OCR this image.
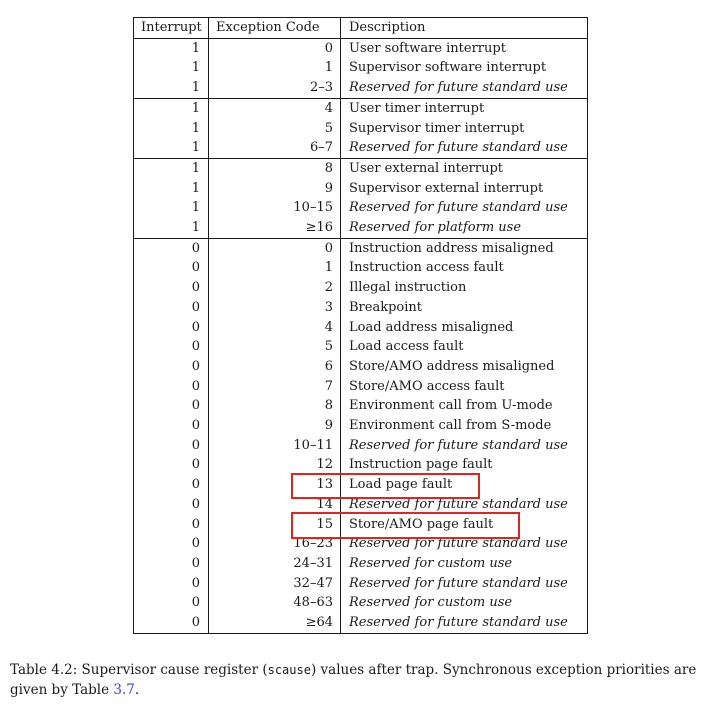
Interrupt	Exception Code	Description
1	0	User software interrupt
1	1	Supervisor software interrupt
1	2–3	Reserved for future standard use
1	4	User timer interrupt
1	5	Supervisor timer interrupt
1	6–7	Reserved for future standard use
1	8	User external interrupt
1	9	Supervisor external interrupt
1	10–15	Reserved for future standard use
1	≥16	Reserved for platform use
0	0	Instruction address misaligned
0	1	Instruction access fault
0	2	Illegal instruction
0	3	Breakpoint
0	4	Load address misaligned
0	5	Load access fault
0	6	Store/AMO address misaligned
0	7	Store/AMO access fault
0	8	Environment call from U-mode
0	9	Environment call from S-mode
0	10–11	Reserved for future standard use
0	12	Instruction page fault
0	13	Load page fault
0	14	Reserved for future standard use
0	15	Store/AMO page fault
0	16–23	Reserved for future standard use
0	24–31	Reserved for custom use
0	32–47	Reserved for future standard use
0	48–63	Reserved for custom use
0	≥64	Reserved for future standard use
Table 4.2: Supervisor cause register (scause) values after trap. Synchronous exception priorities are given by Table 3.7.
